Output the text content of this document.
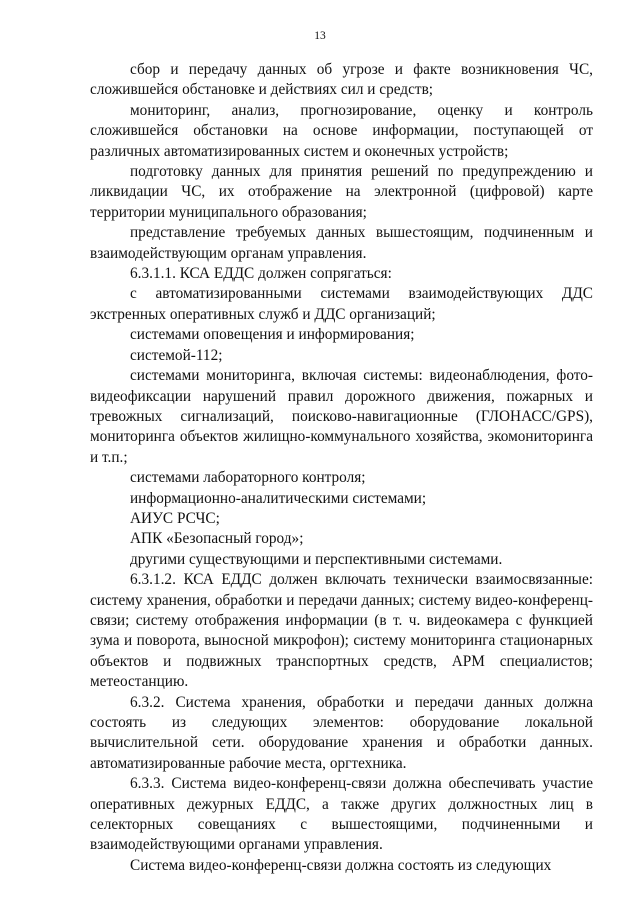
13

сбор и передачу данных об угрозе и факте возникновения ЧС, сложившейся обстановке и действиях сил и средств;

мониторинг, анализ, прогнозирование, оценку и контроль сложившейся обстановки на основе информации, поступающей от различных автоматизированных систем и оконечных устройств;

подготовку данных для принятия решений по предупреждению и ликвидации ЧС, их отображение на электронной (цифровой) карте территории муниципального образования;

представление требуемых данных вышестоящим, подчиненным и взаимодействующим органам управления.

6.3.1.1. КСА ЕДДС должен сопрягаться:

с автоматизированными системами взаимодействующих ДДС экстренных оперативных служб и ДДС организаций;

системами оповещения и информирования;

системой-112;

системами мониторинга, включая системы: видеонаблюдения, фото-видеофиксации нарушений правил дорожного движения, пожарных и тревожных сигнализаций, поисково-навигационные (ГЛОНАСС/GPS), мониторинга объектов жилищно-коммунального хозяйства, экомониторинга и т.п.;

системами лабораторного контроля;

информационно-аналитическими системами;

АИУС РСЧС;

АПК «Безопасный город»;

другими существующими и перспективными системами.

6.3.1.2. КСА ЕДДС должен включать технически взаимосвязанные: систему хранения, обработки и передачи данных; систему видео-конференц-связи; систему отображения информации (в т. ч. видеокамера с функцией зума и поворота, выносной микрофон); систему мониторинга стационарных объектов и подвижных транспортных средств, АРМ специалистов; метеостанцию.

6.3.2. Система хранения, обработки и передачи данных должна состоять из следующих элементов: оборудование локальной вычислительной сети. оборудование хранения и обработки данных. автоматизированные рабочие места, оргтехника.

6.3.3. Система видео-конференц-связи должна обеспечивать участие оперативных дежурных ЕДДС, а также других должностных лиц в селекторных совещаниях с вышестоящими, подчиненными и взаимодействующими органами управления.

Система видео-конференц-связи должна состоять из следующих
